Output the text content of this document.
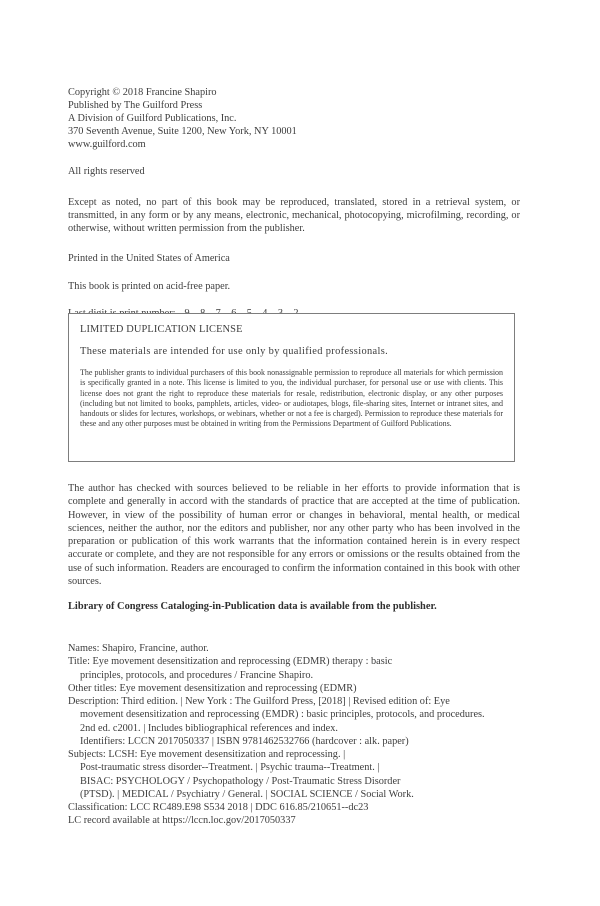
Copyright © 2018 Francine Shapiro
Published by The Guilford Press
A Division of Guilford Publications, Inc.
370 Seventh Avenue, Suite 1200, New York, NY 10001
www.guilford.com
All rights reserved
Except as noted, no part of this book may be reproduced, translated, stored in a retrieval system, or transmitted, in any form or by any means, electronic, mechanical, photocopying, microfilming, recording, or otherwise, without written permission from the publisher.
Printed in the United States of America
This book is printed on acid-free paper.
LIMITED DUPLICATION LICENSE
These materials are intended for use only by qualified professionals.
The publisher grants to individual purchasers of this book nonassignable permission to reproduce all materials for which permission is specifically granted in a note. This license is limited to you, the individual purchaser, for personal use or use with clients. This license does not grant the right to reproduce these materials for resale, redistribution, electronic display, or any other purposes (including but not limited to books, pamphlets, articles, video- or audiotapes, blogs, file-sharing sites, Internet or intranet sites, and handouts or slides for lectures, workshops, or webinars, whether or not a fee is charged). Permission to reproduce these materials for these and any other purposes must be obtained in writing from the Permissions Department of Guilford Publications.
The author has checked with sources believed to be reliable in her efforts to provide information that is complete and generally in accord with the standards of practice that are accepted at the time of publication. However, in view of the possibility of human error or changes in behavioral, mental health, or medical sciences, neither the author, nor the editors and publisher, nor any other party who has been involved in the preparation or publication of this work warrants that the information contained herein is in every respect accurate or complete, and they are not responsible for any errors or omissions or the results obtained from the use of such information. Readers are encouraged to confirm the information contained in this book with other sources.
Library of Congress Cataloging-in-Publication data is available from the publisher.
Names: Shapiro, Francine, author.
Title: Eye movement desensitization and reprocessing (EDMR) therapy : basic
principles, protocols, and procedures / Francine Shapiro.
Other titles: Eye movement desensitization and reprocessing (EDMR)
Description: Third edition. | New York : The Guilford Press, [2018] | Revised edition of: Eye
movement desensitization and reprocessing (EMDR) : basic principles, protocols, and procedures.
2nd ed. c2001. | Includes bibliographical references and index.
Identifiers: LCCN 2017050337 | ISBN 9781462532766 (hardcover : alk. paper)
Subjects: LCSH: Eye movement desensitization and reprocessing. |
Post-traumatic stress disorder--Treatment. | Psychic trauma--Treatment. |
BISAC: PSYCHOLOGY / Psychopathology / Post-Traumatic Stress Disorder
(PTSD). | MEDICAL / Psychiatry / General. | SOCIAL SCIENCE / Social Work.
Classification: LCC RC489.E98 S534 2018 | DDC 616.85/210651--dc23
LC record available at https://lccn.loc.gov/2017050337
